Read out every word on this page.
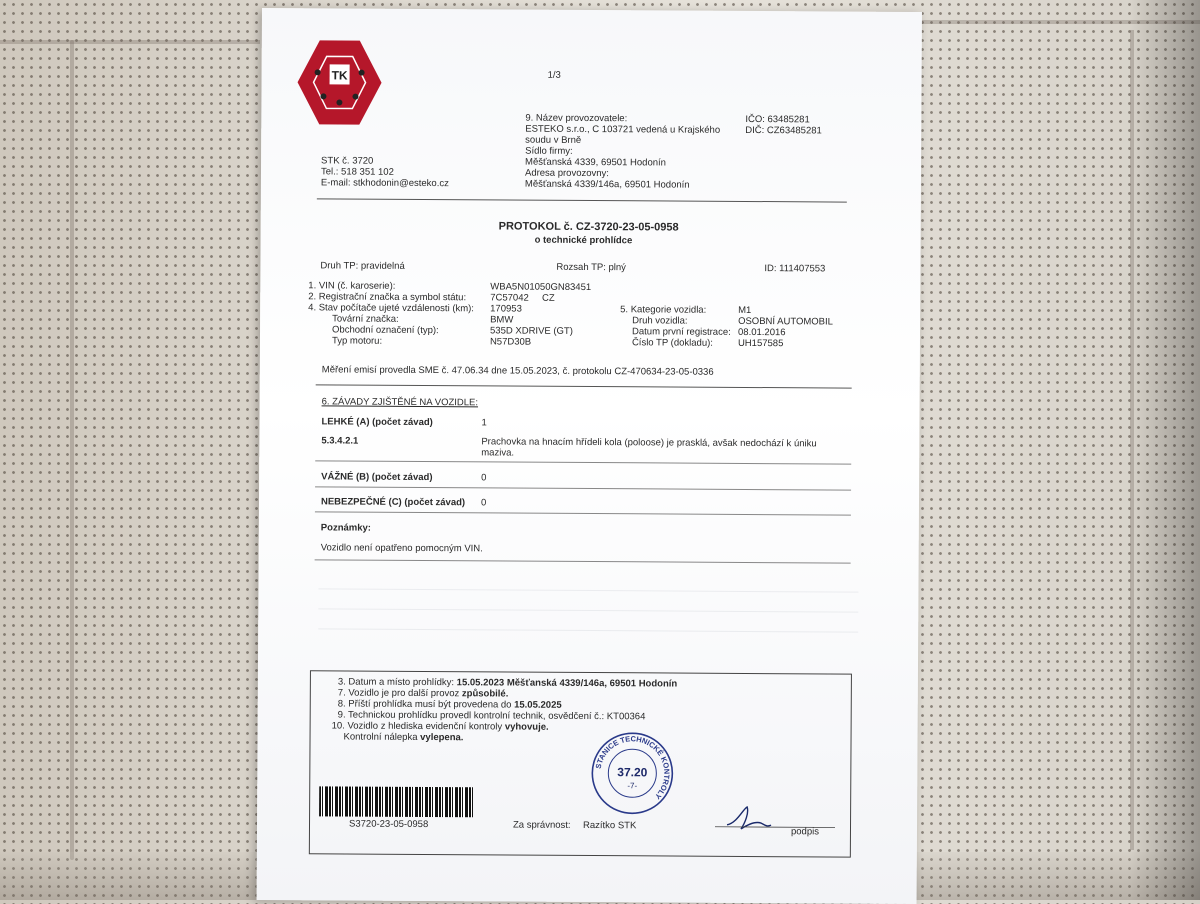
TK	1/3
9. Název provozovatele:
ESTEKO s.r.o., C 103721 vedená u Krajského
soudu v Brně
Sídlo firmy:
Měšťanská 4339, 69501 Hodonín
Adresa provozovny:
Měšťanská 4339/146a, 69501 Hodonín
IČO: 63485281
DIČ: CZ63485281
STK č. 3720
Tel.: 518 351 102
E-mail: stkhodonin@esteko.cz
PROTOKOL č. CZ-3720-23-05-0958
o technické prohlídce
Druh TP: pravidelná	Rozsah TP: plný	ID: 111407553
1. VIN (č. karoserie):	WBA5N01050GN83451
2. Registrační značka a symbol státu:	7C57042     CZ
4. Stav počítače ujeté vzdálenosti (km): 170953
Tovární značka:	BMW
Obchodní označení (typ):	535D XDRIVE (GT)
Typ motoru:	N57D30B
5. Kategorie vozidla:	M1
Druh vozidla:	OSOBNÍ AUTOMOBIL
Datum první registrace: 08.01.2016
Číslo TP (dokladu):	UH157585
Měření emisí provedla SME č. 47.06.34 dne 15.05.2023, č. protokolu CZ-470634-23-05-0336
6. ZÁVADY ZJIŠTĚNÉ NA VOZIDLE:
LEHKÉ (A) (počet závad)	1
5.3.4.2.1	Prachovka na hnacím hřídeli kola (poloose) je prasklá, avšak nedochází k úniku
maziva.
VÁŽNÉ (B) (počet závad)	0
NEBEZPEČNÉ (C) (počet závad) 0
Poznámky:
Vozidlo není opatřeno pomocným VIN.
3. Datum a místo prohlídky: 15.05.2023 Měšťanská 4339/146a, 69501 Hodonín
7. Vozidlo je pro další provoz způsobilé.
8. Příští prohlídka musí být provedena do 15.05.2025
9. Technickou prohlídku provedl kontrolní technik, osvědčení č.: KT00364
10. Vozidlo z hlediska evidenční kontroly vyhovuje.
Kontrolní nálepka vylepena.
S3720-23-05-0958	Za správnost: Razítko STK
podpis
STANICE TECHNICKÉ KONTROLY
37.20
-7-
